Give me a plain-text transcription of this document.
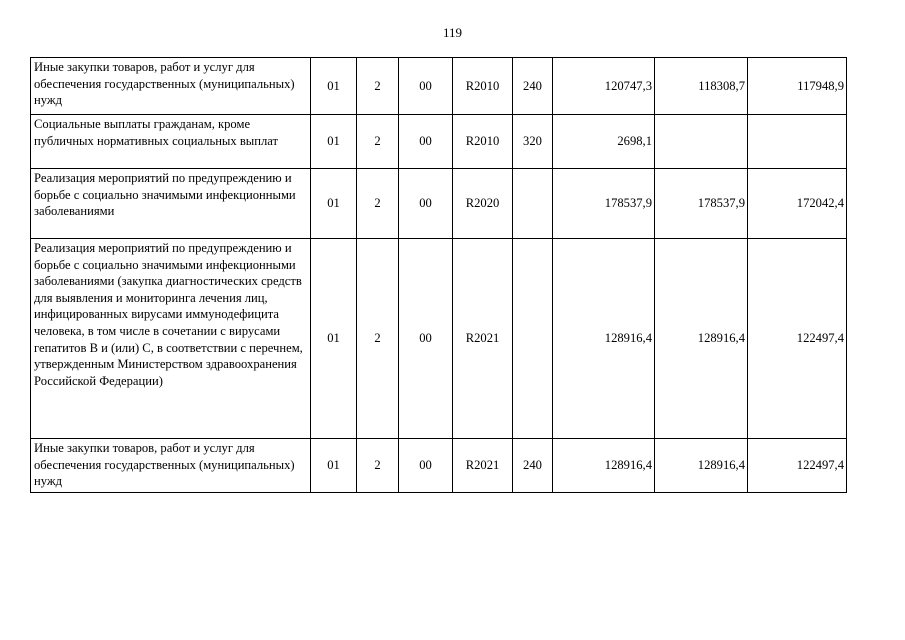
119
Иные закупки товаров, работ и услуг для обеспечения государственных (муниципальных) нужд	01	2	00	R2010	240	120747,3	118308,7	117948,9
Социальные выплаты гражданам, кроме публичных нормативных социальных выплат	01	2	00	R2010	320	2698,1		
Реализация мероприятий по предупреждению и борьбе с социально значимыми инфекционными заболеваниями	01	2	00	R2020		178537,9	178537,9	172042,4
Реализация мероприятий по предупреждению и борьбе с социально значимыми инфекционными заболеваниями (закупка диагностических средств для выявления и мониторинга лечения лиц, инфицированных вирусами иммунодефицита человека, в том числе в сочетании с вирусами гепатитов B и (или) C, в соответствии с перечнем, утвержденным Министерством здравоохранения Российской Федерации)	01	2	00	R2021		128916,4	128916,4	122497,4
Иные закупки товаров, работ и услуг для обеспечения государственных (муниципальных) нужд	01	2	00	R2021	240	128916,4	128916,4	122497,4
